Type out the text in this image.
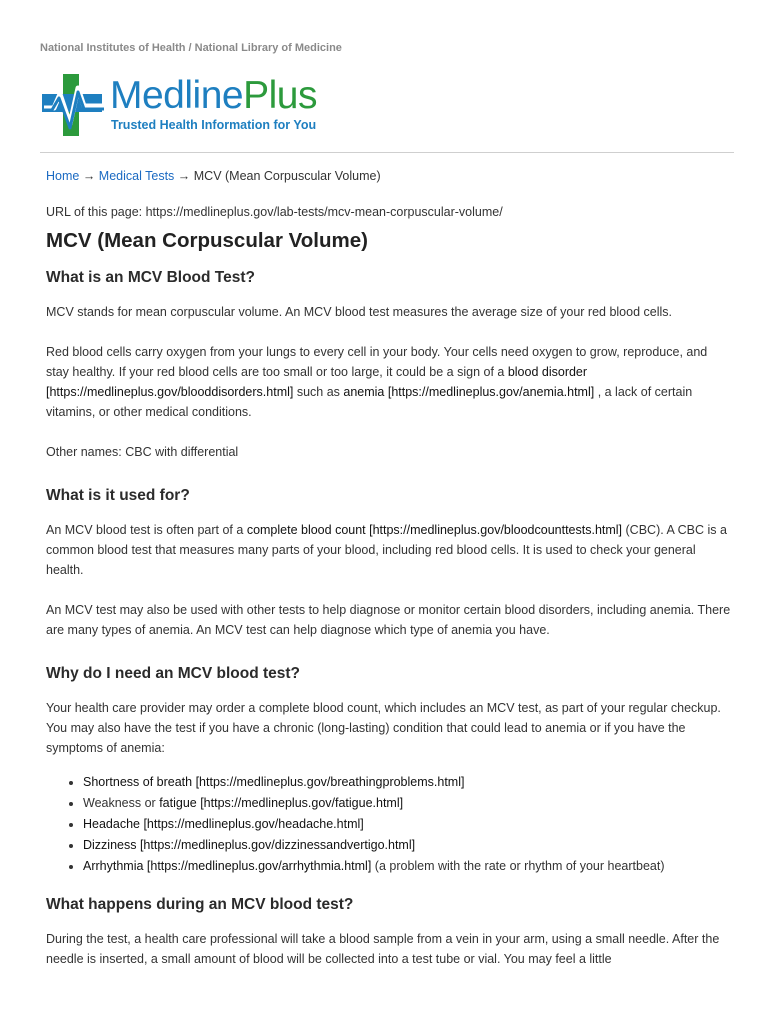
National Institutes of Health / National Library of Medicine
MedlinePlus
Trusted Health Information for You
Home → Medical Tests → MCV (Mean Corpuscular Volume)
URL of this page: https://medlineplus.gov/lab-tests/mcv-mean-corpuscular-volume/
MCV (Mean Corpuscular Volume)
What is an MCV Blood Test?

MCV stands for mean corpuscular volume. An MCV blood test measures the average size of your red blood cells.

Red blood cells carry oxygen from your lungs to every cell in your body. Your cells need oxygen to grow, reproduce, and stay healthy. If your red blood cells are too small or too large, it could be a sign of a blood disorder [https://medlineplus.gov/blooddisorders.html] such as anemia [https://medlineplus.gov/anemia.html] , a lack of certain vitamins, or other medical conditions.

Other names: CBC with differential

What is it used for?

An MCV blood test is often part of a complete blood count [https://medlineplus.gov/bloodcounttests.html] (CBC). A CBC is a common blood test that measures many parts of your blood, including red blood cells. It is used to check your general health.

An MCV test may also be used with other tests to help diagnose or monitor certain blood disorders, including anemia. There are many types of anemia. An MCV test can help diagnose which type of anemia you have.

Why do I need an MCV blood test?

Your health care provider may order a complete blood count, which includes an MCV test, as part of your regular checkup. You may also have the test if you have a chronic (long-lasting) condition that could lead to anemia or if you have the symptoms of anemia:

• Shortness of breath [https://medlineplus.gov/breathingproblems.html]
• Weakness or fatigue [https://medlineplus.gov/fatigue.html]
• Headache [https://medlineplus.gov/headache.html]
• Dizziness [https://medlineplus.gov/dizzinessandvertigo.html]
• Arrhythmia [https://medlineplus.gov/arrhythmia.html] (a problem with the rate or rhythm of your heartbeat)
What happens during an MCV blood test?

During the test, a health care professional will take a blood sample from a vein in your arm, using a small needle. After the needle is inserted, a small amount of blood will be collected into a test tube or vial. You may feel a little
